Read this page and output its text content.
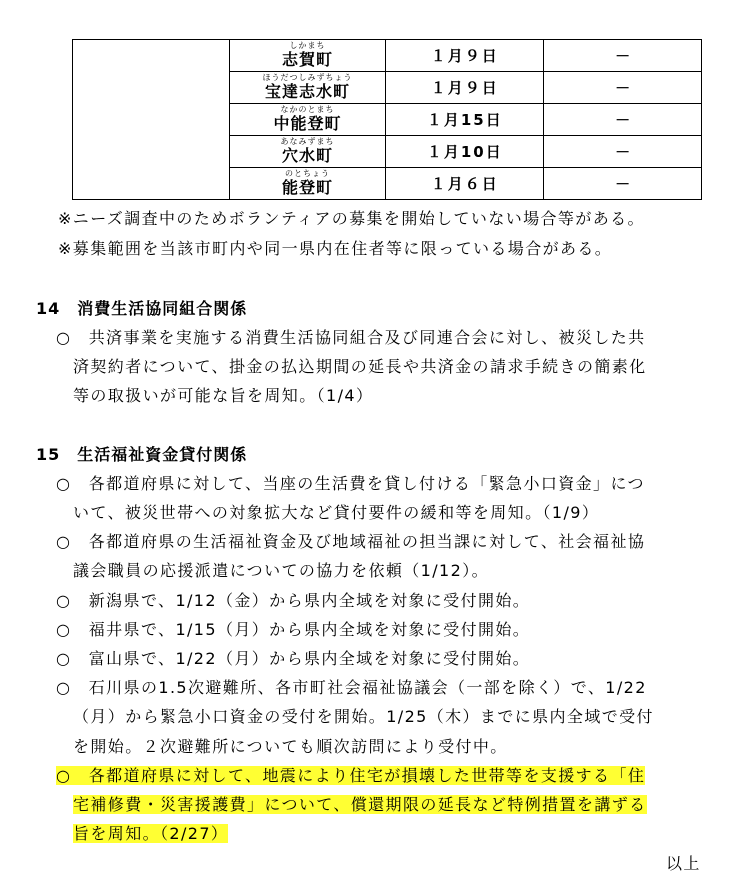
	しかまち
志賀町	１月９日	－

	ほうだつしみずちょう
宝達志水町	１月９日	－

	なかのとまち
中能登町	１月15日	－

	あなみずまち
穴水町	１月10日	－

	のとちょう
能登町	１月６日	－
※ニーズ調査中のためボランティアの募集を開始していない場合等がある。
※募集範囲を当該市町内や同一県内在住者等に限っている場合がある。
14　消費生活協同組合関係
○　共済事業を実施する消費生活協同組合及び同連合会に対し、被災した共
済契約者について、掛金の払込期間の延長や共済金の請求手続きの簡素化
等の取扱いが可能な旨を周知。（1/4）
15　生活福祉資金貸付関係
○　各都道府県に対して、当座の生活費を貸し付ける「緊急小口資金」につ
いて、被災世帯への対象拡大など貸付要件の緩和等を周知。（1/9）
○　各都道府県の生活福祉資金及び地域福祉の担当課に対して、社会福祉協
議会職員の応援派遣についての協力を依頼（1/12）。
○　新潟県で、1/12（金）から県内全域を対象に受付開始。
○　福井県で、1/15（月）から県内全域を対象に受付開始。
○　富山県で、1/22（月）から県内全域を対象に受付開始。
○　石川県の1.5次避難所、各市町社会福祉協議会（一部を除く）で、1/22
（月）から緊急小口資金の受付を開始。1/25（木）までに県内全域で受付
を開始。２次避難所についても順次訪問により受付中。
○　各都道府県に対して、地震により住宅が損壊した世帯等を支援する「住
宅補修費・災害援護費」について、償還期限の延長など特例措置を講ずる
旨を周知。（2/27）
以上
